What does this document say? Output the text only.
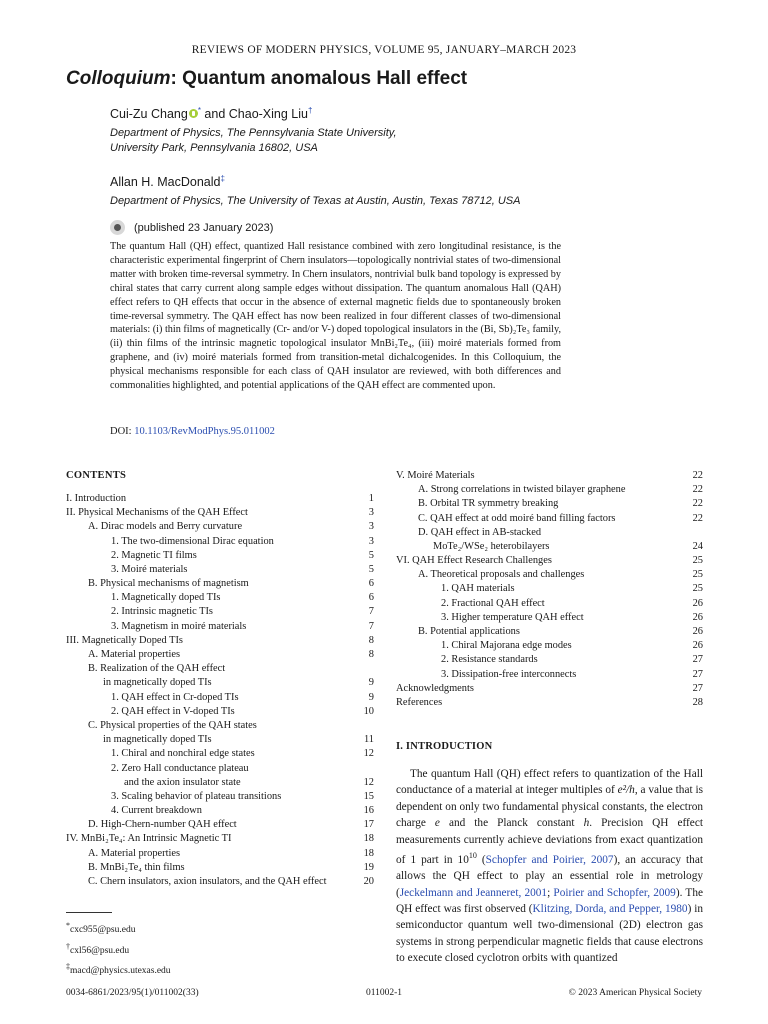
REVIEWS OF MODERN PHYSICS, VOLUME 95, JANUARY–MARCH 2023
Colloquium: Quantum anomalous Hall effect
Cui-Zu Chang * and Chao-Xing Liu†
Department of Physics, The Pennsylvania State University,
University Park, Pennsylvania 16802, USA
Allan H. MacDonald‡
Department of Physics, The University of Texas at Austin, Austin, Texas 78712, USA
(published 23 January 2023)
The quantum Hall (QH) effect, quantized Hall resistance combined with zero longitudinal resistance, is the characteristic experimental fingerprint of Chern insulators—topologically nontrivial states of two-dimensional matter with broken time-reversal symmetry. In Chern insulators, nontrivial bulk band topology is expressed by chiral states that carry current along sample edges without dissipation. The quantum anomalous Hall (QAH) effect refers to QH effects that occur in the absence of external magnetic fields due to spontaneously broken time-reversal symmetry. The QAH effect has now been realized in four different classes of two-dimensional materials: (i) thin films of magnetically (Cr- and/or V-) doped topological insulators in the (Bi, Sb)₂Te₃ family, (ii) thin films of the intrinsic magnetic topological insulator MnBi₂Te₄, (iii) moiré materials formed from graphene, and (iv) moiré materials formed from transition-metal dichalcogenides. In this Colloquium, the physical mechanisms responsible for each class of QAH insulator are reviewed, with both differences and commonalities highlighted, and potential applications of the QAH effect are commented upon.
DOI: 10.1103/RevModPhys.95.011002
CONTENTS
I. Introduction	1
II. Physical Mechanisms of the QAH Effect	3
A. Dirac models and Berry curvature	3
1. The two-dimensional Dirac equation	3
2. Magnetic TI films	5
3. Moiré materials	5
B. Physical mechanisms of magnetism	6
1. Magnetically doped TIs	6
2. Intrinsic magnetic TIs	7
3. Magnetism in moiré materials	7
III. Magnetically Doped TIs	8
A. Material properties	8
B. Realization of the QAH effect
in magnetically doped TIs	9
1. QAH effect in Cr-doped TIs	9
2. QAH effect in V-doped TIs	10
C. Physical properties of the QAH states
in magnetically doped TIs	11
1. Chiral and nonchiral edge states	12
2. Zero Hall conductance plateau
and the axion insulator state	12
3. Scaling behavior of plateau transitions	15
4. Current breakdown	16
D. High-Chern-number QAH effect	17
IV. MnBi₂Te₄: An Intrinsic Magnetic TI	18
A. Material properties	18
B. MnBi₂Te₄ thin films	19
C. Chern insulators, axion insulators, and the QAH effect	20
V. Moiré Materials	22
A. Strong correlations in twisted bilayer graphene	22
B. Orbital TR symmetry breaking	22
C. QAH effect at odd moiré band filling factors	22
D. QAH effect in AB-stacked
MoTe₂/WSe₂ heterobilayers	24
VI. QAH Effect Research Challenges	25
A. Theoretical proposals and challenges	25
1. QAH materials	25
2. Fractional QAH effect	26
3. Higher temperature QAH effect	26
B. Potential applications	26
1. Chiral Majorana edge modes	26
2. Resistance standards	27
3. Dissipation-free interconnects	27
Acknowledgments	27
References	28
*cxc955@psu.edu
†cxl56@psu.edu
‡macd@physics.utexas.edu
I. INTRODUCTION

The quantum Hall (QH) effect refers to quantization of the Hall conductance of a material at integer multiples of e²/h, a value that is dependent on only two fundamental physical constants, the electron charge e and the Planck constant h. Precision QH effect measurements currently achieve deviations from exact quantization of 1 part in $10^{10}$ (Schopfer and Poirier, 2007), an accuracy that allows the QH effect to play an essential role in metrology (Jeckelmann and Jeanneret, 2001; Poirier and Schopfer, 2009). The QH effect was first observed (Klitzing, Dorda, and Pepper, 1980) in semiconductor quantum well two-dimensional (2D) electron gas systems in strong perpendicular magnetic fields that cause electrons to execute closed cyclotron orbits with quantized

0034-6861/2023/95(1)/011002(33)	011002-1	© 2023 American Physical Society
